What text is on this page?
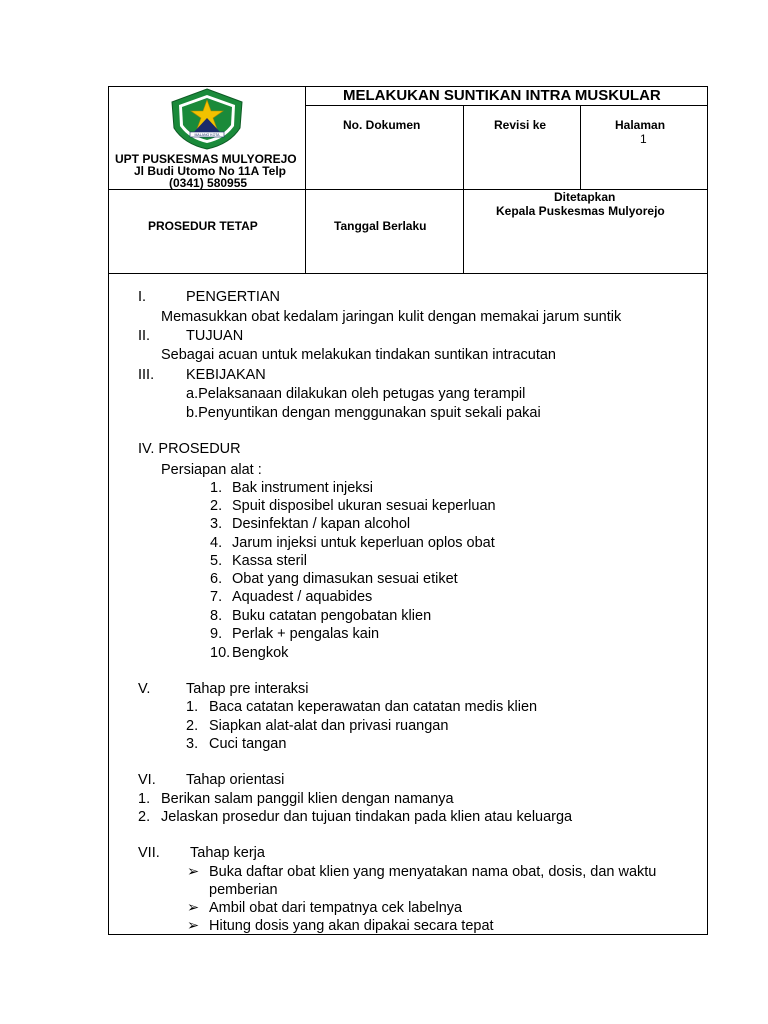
MALANG KOTA
UPT PUSKESMAS MULYOREJO
Jl Budi Utomo No 11A Telp
(0341) 580955
MELAKUKAN SUNTIKAN INTRA MUSKULAR
No. Dokumen	Revisi ke	Halaman
1
PROSEDUR TETAP	Tanggal Berlaku
Ditetapkan
Kepala Puskesmas Mulyorejo
I.	PENGERTIAN
Memasukkan obat kedalam jaringan kulit dengan memakai jarum suntik
II. TUJUAN
Sebagai acuan untuk melakukan tindakan suntikan intracutan
III. KEBIJAKAN
a.Pelaksanaan dilakukan oleh petugas yang terampil
b.Penyuntikan dengan menggunakan spuit sekali pakai
IV. PROSEDUR
Persiapan alat :
1. Bak instrument injeksi
2. Spuit disposibel ukuran sesuai keperluan
3. Desinfektan / kapan alcohol
4. Jarum injeksi untuk keperluan oplos obat
5. Kassa steril
6. Obat yang dimasukan sesuai etiket
7. Aquadest / aquabides
8. Buku catatan pengobatan klien
9. Perlak + pengalas kain
10. Bengkok
V. Tahap pre interaksi
1. Baca catatan keperawatan dan catatan medis klien
2. Siapkan alat-alat dan privasi ruangan
3. Cuci tangan
VI. Tahap orientasi
1. Berikan salam panggil klien dengan namanya
2. Jelaskan prosedur dan tujuan tindakan pada klien atau keluarga
VII. Tahap kerja
➢ Buka daftar obat klien yang menyatakan nama obat, dosis, dan waktu
pemberian
➢ Ambil obat dari tempatnya cek labelnya
➢ Hitung dosis yang akan dipakai secara tepat
